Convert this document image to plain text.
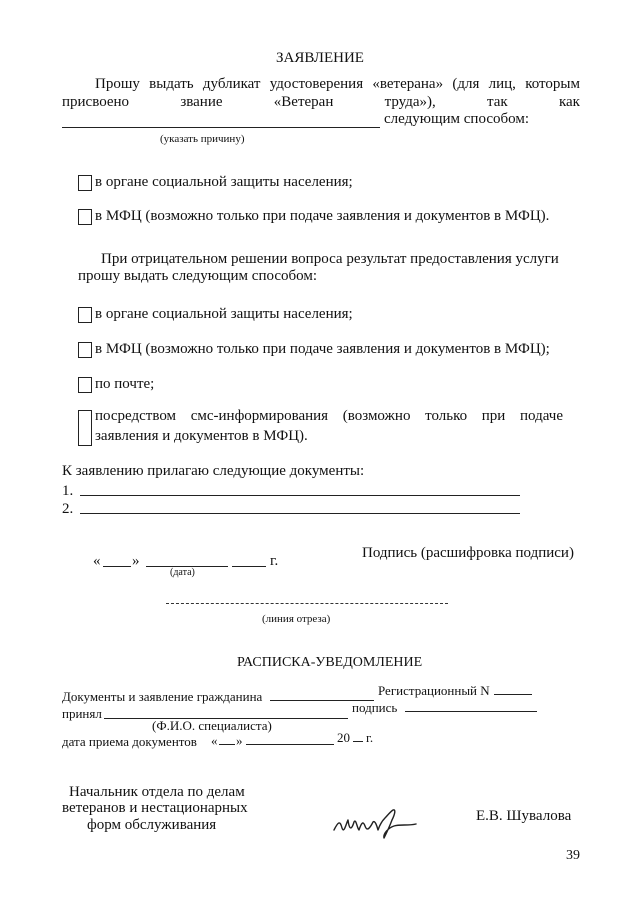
ЗАЯВЛЕНИЕ
Прошу выдать дубликат удостоверения «ветерана» (для лиц, которым
присвоено	звание	«Ветеран	труда»),	так	как
следующим способом:
(указать причину)
в органе социальной защиты населения;
в МФЦ (возможно только при подаче заявления и документов в МФЦ).
При отрицательном решении вопроса результат предоставления услуги
прошу выдать следующим способом:
в органе социальной защиты населения;
в МФЦ (возможно только при подаче заявления и документов в МФЦ);
по почте;
посредством смс-информирования (возможно только при подаче
заявления и документов в МФЦ).
К заявлению прилагаю следующие документы:
1.
2.
« »	г.
(дата)
Подпись (расшифровка подписи)
(линия отреза)
РАСПИСКА-УВЕДОМЛЕНИЕ
Документы и заявление гражданина	Регистрационный N
принял	подпись
(Ф.И.О. специалиста)
дата приема документов « »	20 г.
Начальник отдела по делам
ветеранов и нестационарных
форм обслуживания
Е.В. Шувалова
39
